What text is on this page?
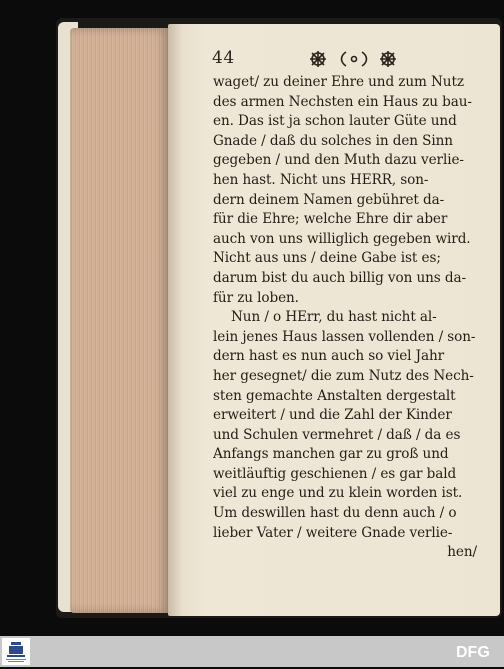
44
waget/ zu deiner Ehre und zum Nutz
des armen Nechsten ein Haus zu bau-
en. Das ist ja schon lauter Güte und
Gnade / daß du solches in den Sinn
gegeben / und den Muth dazu verlie-
hen hast. Nicht uns HERR, son-
dern deinem Namen gebühret da-
für die Ehre; welche Ehre dir aber
auch von uns williglich gegeben wird.
Nicht aus uns / deine Gabe ist es;
darum bist du auch billig von uns da-
für zu loben.
Nun / o HErr, du hast nicht al-
lein jenes Haus lassen vollenden / son-
dern hast es nun auch so viel Jahr
her gesegnet/ die zum Nutz des Nech-
sten gemachte Anstalten dergestalt
erweitert / und die Zahl der Kinder
und Schulen vermehret / daß / da es
Anfangs manchen gar zu groß und
weitläuftig geschienen / es gar bald
viel zu enge und zu klein worden ist.
Um deswillen hast du denn auch / o
lieber Vater / weitere Gnade verlie-
hen/
DFG
